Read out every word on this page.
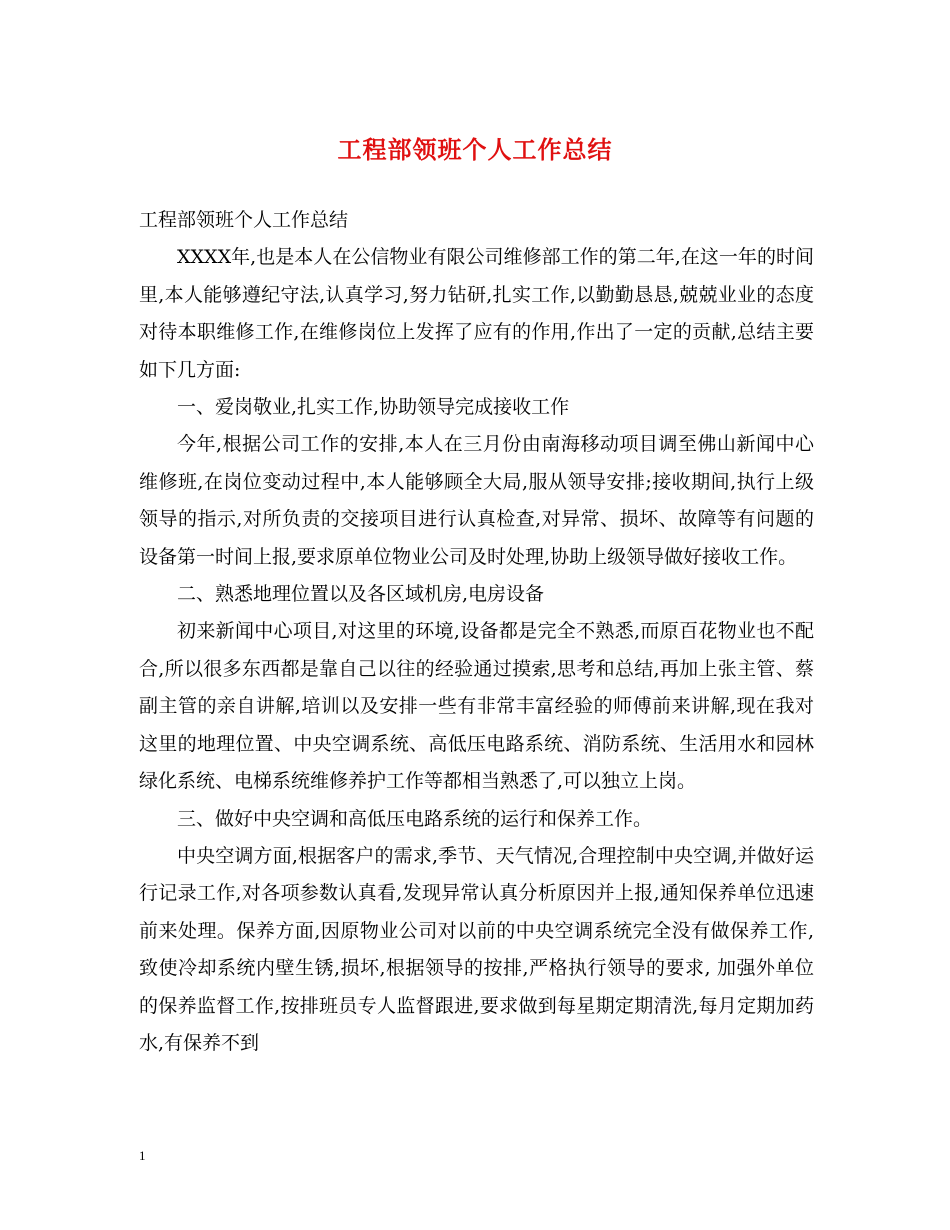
工程部领班个人工作总结

工程部领班个人工作总结

XXXX年,也是本人在公信物业有限公司维修部工作的第二年,在这一年的时间里,本人能够遵纪守法,认真学习,努力钻研,扎实工作,以勤勤恳恳,兢兢业业的态度对待本职维修工作,在维修岗位上发挥了应有的作用,作出了一定的贡献,总结主要如下几方面:

一、爱岗敬业,扎实工作,协助领导完成接收工作

今年,根据公司工作的安排,本人在三月份由南海移动项目调至佛山新闻中心维修班,在岗位变动过程中,本人能够顾全大局,服从领导安排;接收期间,执行上级领导的指示,对所负责的交接项目进行认真检查,对异常、损坏、故障等有问题的设备第一时间上报,要求原单位物业公司及时处理,协助上级领导做好接收工作。

二、熟悉地理位置以及各区域机房,电房设备

初来新闻中心项目,对这里的环境,设备都是完全不熟悉,而原百花物业也不配合,所以很多东西都是靠自己以往的经验通过摸索,思考和总结,再加上张主管、蔡副主管的亲自讲解,培训以及安排一些有非常丰富经验的师傅前来讲解,现在我对这里的地理位置、中央空调系统、高低压电路系统、消防系统、生活用水和园林绿化系统、电梯系统维修养护工作等都相当熟悉了,可以独立上岗。

三、做好中央空调和高低压电路系统的运行和保养工作。

中央空调方面,根据客户的需求,季节、天气情况,合理控制中央空调,并做好运行记录工作,对各项参数认真看,发现异常认真分析原因并上报,通知保养单位迅速前来处理。保养方面,因原物业公司对以前的中央空调系统完全没有做保养工作,致使冷却系统内壁生锈,损坏,根据领导的按排,严格执行领导的要求, 加强外单位的保养监督工作,按排班员专人监督跟进,要求做到每星期定期清洗,每月定期加药水,有保养不到

1
